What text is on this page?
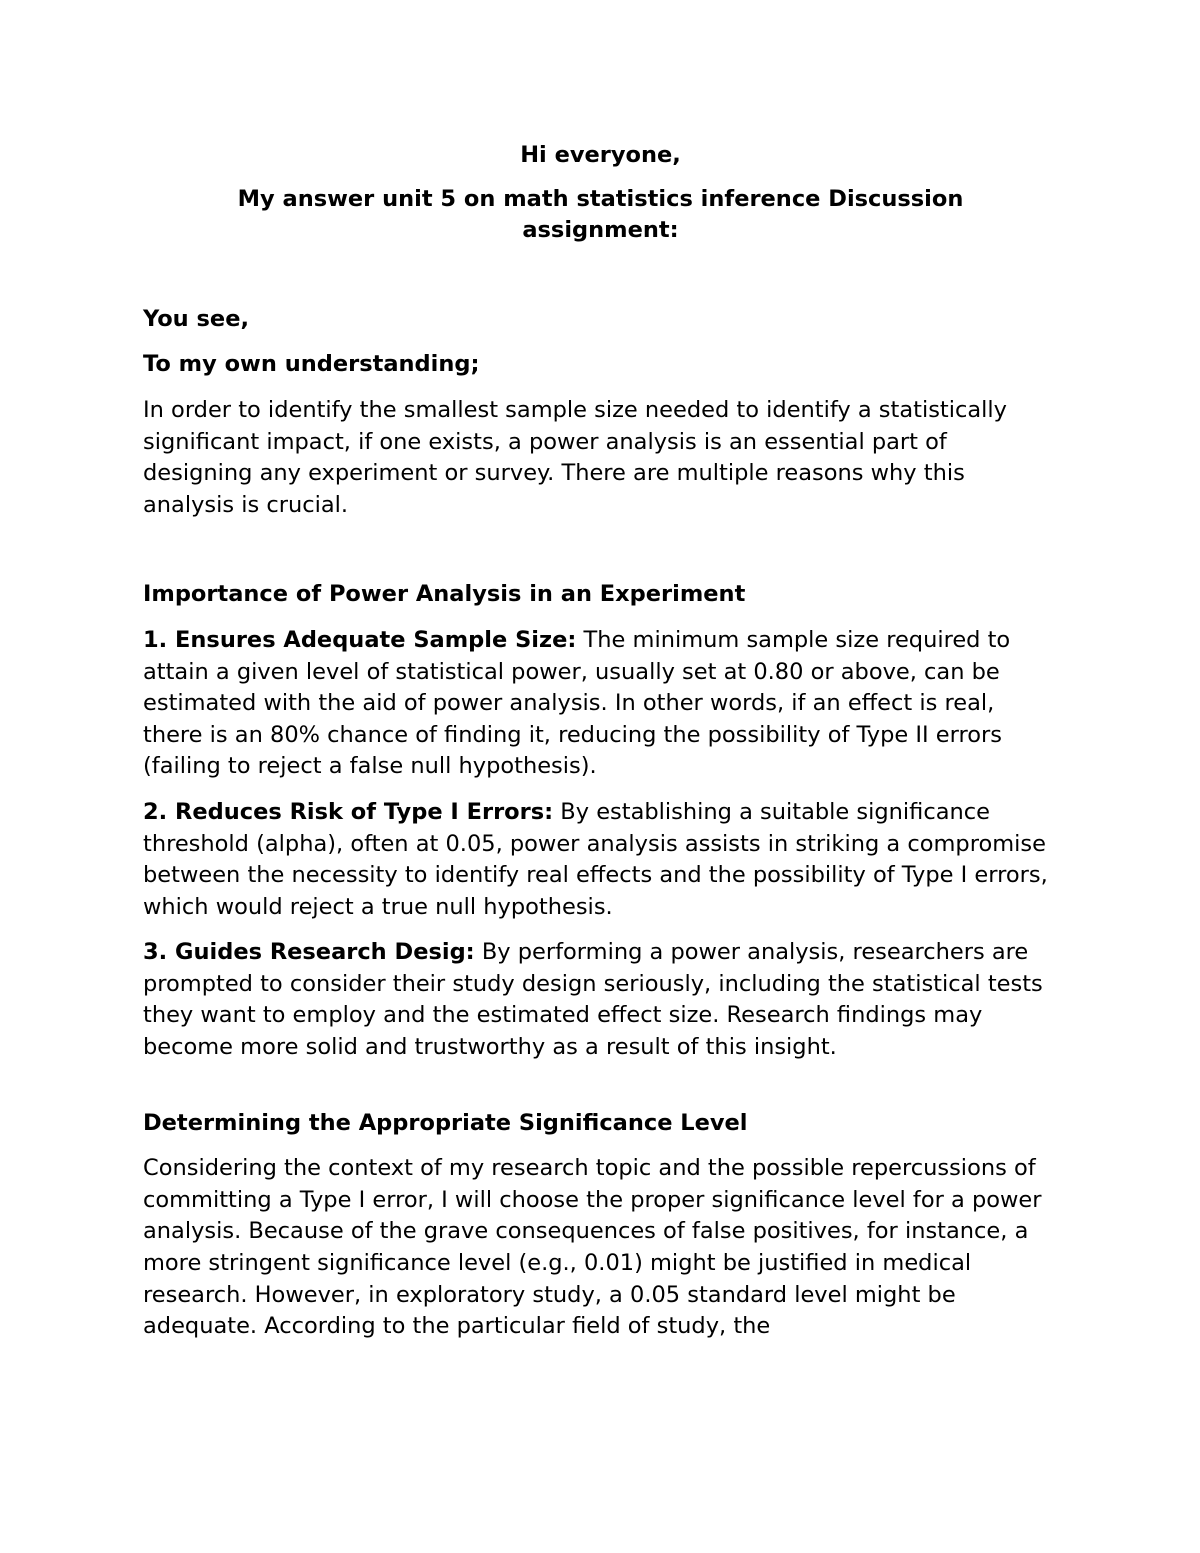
Hi everyone,

My answer unit 5 on math statistics inference Discussion assignment:

You see,

To my own understanding;

In order to identify the smallest sample size needed to identify a statistically significant impact, if one exists, a power analysis is an essential part of designing any experiment or survey. There are multiple reasons why this analysis is crucial.

Importance of Power Analysis in an Experiment

1. Ensures Adequate Sample Size: The minimum sample size required to attain a given level of statistical power, usually set at 0.80 or above, can be estimated with the aid of power analysis. In other words, if an effect is real, there is an 80% chance of finding it, reducing the possibility of Type II errors (failing to reject a false null hypothesis).

2. Reduces Risk of Type I Errors: By establishing a suitable significance threshold (alpha), often at 0.05, power analysis assists in striking a compromise between the necessity to identify real effects and the possibility of Type I errors, which would reject a true null hypothesis.

3. Guides Research Desig: By performing a power analysis, researchers are prompted to consider their study design seriously, including the statistical tests they want to employ and the estimated effect size. Research findings may become more solid and trustworthy as a result of this insight.

Determining the Appropriate Significance Level

Considering the context of my research topic and the possible repercussions of committing a Type I error, I will choose the proper significance level for a power analysis. Because of the grave consequences of false positives, for instance, a more stringent significance level (e.g., 0.01) might be justified in medical research. However, in exploratory study, a 0.05 standard level might be adequate. According to the particular field of study, the
